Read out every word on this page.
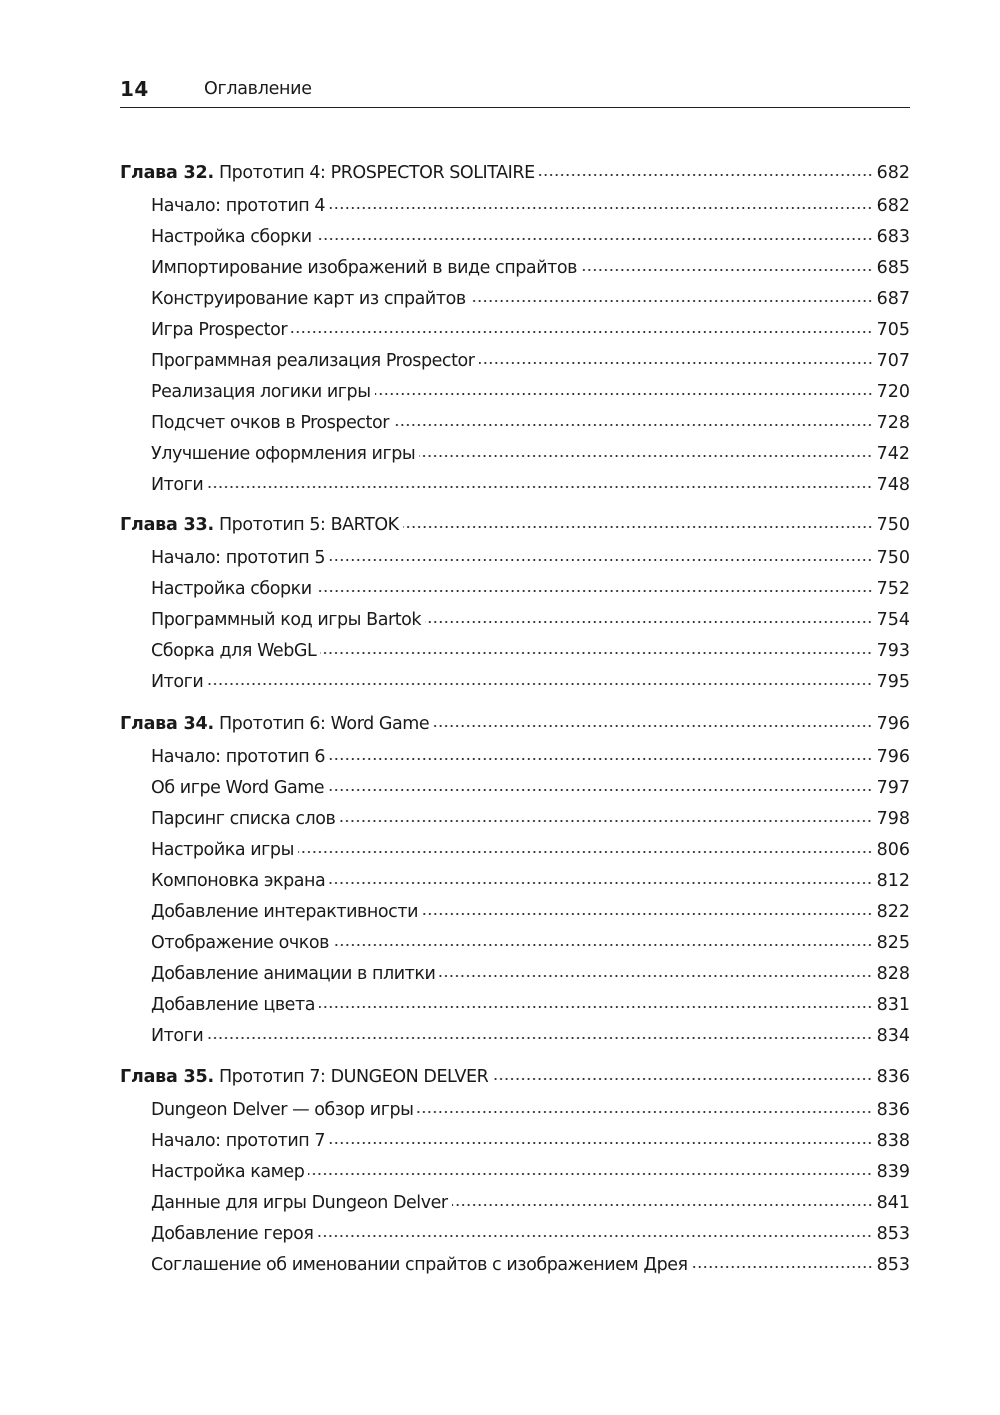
14	Оглавление
Глава 32. Прототип 4: PROSPECTOR SOLITAIRE	682
Начало: прототип 4	682
Настройка сборки	683
Импортирование изображений в виде спрайтов	685
Конструирование карт из спрайтов	687
Игра Prospector	705
Программная реализация Prospector	707
Реализация логики игры	720
Подсчет очков в Prospector	728
Улучшение оформления игры	742
Итоги	748
Глава 33. Прототип 5: BARTOK	750
Начало: прототип 5	750
Настройка сборки	752
Программный код игры Bartok	754
Сборка для WebGL	793
Итоги	795
Глава 34. Прототип 6: Word Game	796
Начало: прототип 6	796
Об игре Word Game	797
Парсинг списка слов	798
Настройка игры	806
Компоновка экрана	812
Добавление интерактивности	822
Отображение очков	825
Добавление анимации в плитки	828
Добавление цвета	831
Итоги	834
Глава 35. Прототип 7: DUNGEON DELVER	836
Dungeon Delver — обзор игры	836
Начало: прототип 7	838
Настройка камер	839
Данные для игры Dungeon Delver	841
Добавление героя	853
Соглашение об именовании спрайтов с изображением Дрея	853
